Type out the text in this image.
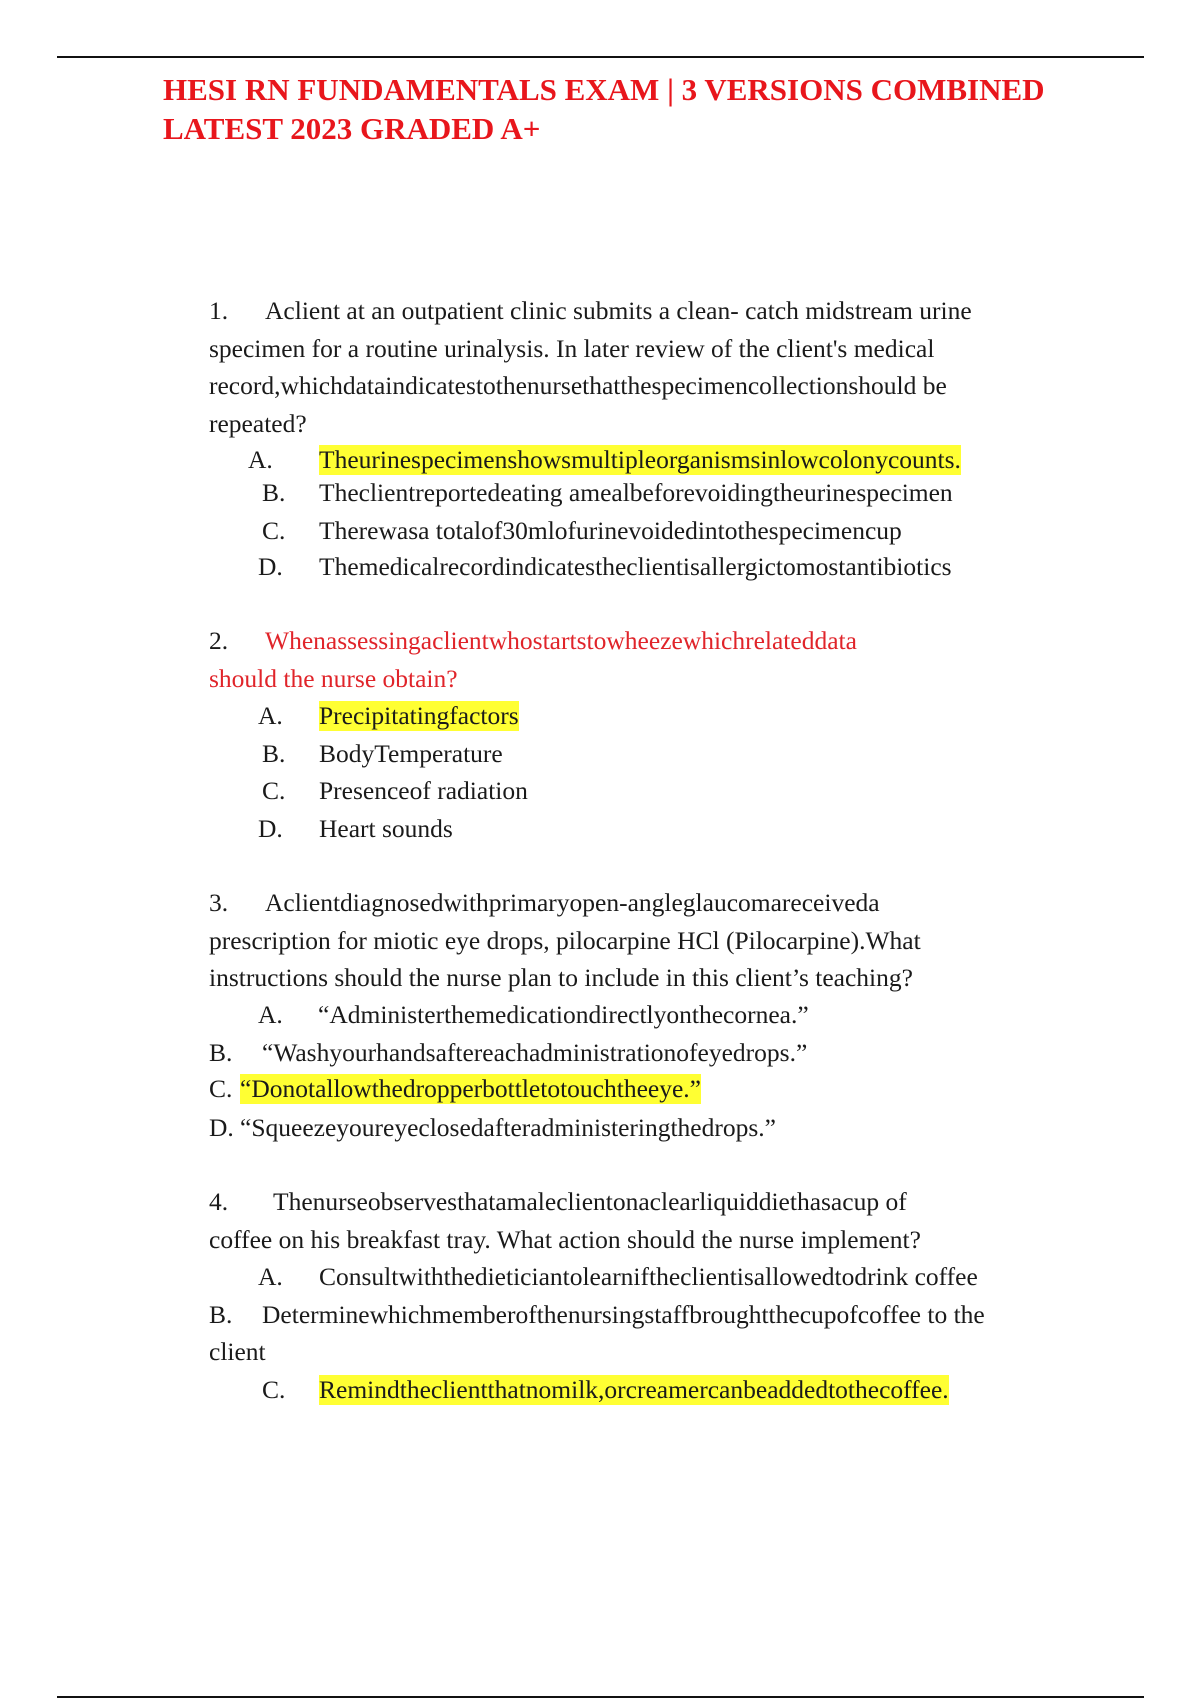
HESI RN FUNDAMENTALS EXAM | 3 VERSIONS COMBINED
LATEST 2023 GRADED A+
1. Aclient at an outpatient clinic submits a clean- catch midstream urine
specimen for a routine urinalysis. In later review of the client's medical
record,whichdataindicatestothenursethatthespecimencollectionshould be
repeated?
A. Theurinespecimenshowsmultipleorganismsinlowcolonycounts.
B. Theclientreportedeating amealbeforevoidingtheurinespecimen
C. Therewasa totalof30mlofurinevoidedintothespecimencup
D. Themedicalrecordindicatestheclientisallergictomostantibiotics
2. Whenassessingaclientwhostartstowheezewhichrelateddata
should the nurse obtain?
A. Precipitatingfactors
B. BodyTemperature
C. Presenceof radiation
D. Heart sounds
3. Aclientdiagnosedwithprimaryopen-angleglaucomareceiveda
prescription for miotic eye drops, pilocarpine HCl (Pilocarpine).What
instructions should the nurse plan to include in this client’s teaching?
A. “Administerthemedicationdirectlyonthecornea.”
B. “Washyourhandsaftereachadministrationofeyedrops.”
C. “Donotallowthedropperbottletotouchtheeye.”
D. “Squeezeyoureyeclosedafteradministeringthedrops.”
4. Thenurseobservesthatamaleclientonaclearliquiddiethasacup of
coffee on his breakfast tray. What action should the nurse implement?
A. Consultwiththedieticiantolearniftheclientisallowedtodrink coffee
B. Determinewhichmemberofthenursingstaffbroughtthecupofcoffee to the
client
C. Remindtheclientthatnomilk,orcreamercanbeaddedtothecoffee.
